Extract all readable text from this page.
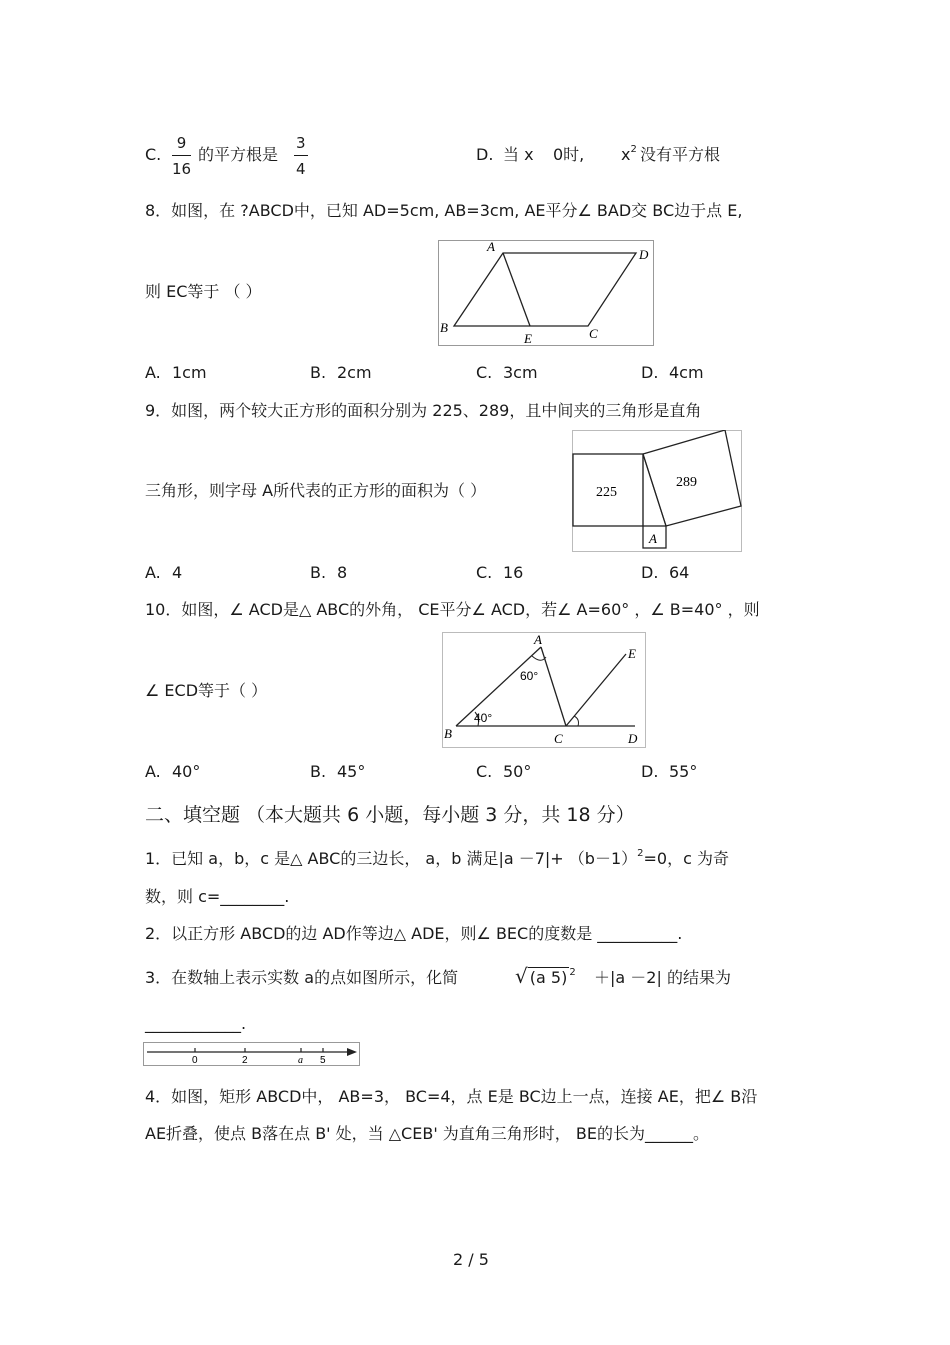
C. $\frac{9}{16}$ 的平方根是 $\frac{3}{4}$	D. 当 x 0时, $x^2$ 没有平方根
8．如图，在 ?ABCD中，已知 AD=5cm, AB=3cm, AE平分∠ BAD交 BC边于点 E,
则 EC等于 （ ）
A
D
B
E	C
A. 1cm	B. 2cm	C. 3cm	D. 4cm
9．如图，两个较大正方形的面积分别为 225、289，且中间夹的三角形是直角
三角形，则字母 A所代表的正方形的面积为（ ）	225
289
A
A. 4	B. 8	C. 16	D. 64
10．如图，∠ ACD是△ ABC的外角， CE平分∠ ACD，若∠ A=60° ，∠ B=40° ，则
∠ ECD等于（ ）
A
E
B	C	D
60°
40°
A. 40°	B. 45°	C. 50°	D. 55°
二、填空题 （本大题共 6 小题，每小题 3 分，共 18 分）
1．已知 a，b，c 是△ ABC的三边长， a，b 满足$|a -7|+ (b-1)^2=0$，c 为奇
数，则 c=________.
2．以正方形 ABCD的边 AD作等边△ ADE，则∠ BEC的度数是 __________.
3．在数轴上表示实数 a的点如图所示，化简	√ (a 5) $^2$ ＋|a －2| 的结果为
____________.
0	2	a 5
4．如图，矩形 ABCD中， AB=3， BC=4，点 E是 BC边上一点，连接 AE，把∠ B沿
AE折叠，使点 B落在点 B' 处，当 △CEB' 为直角三角形时， BE的长为______。
2 / 5
